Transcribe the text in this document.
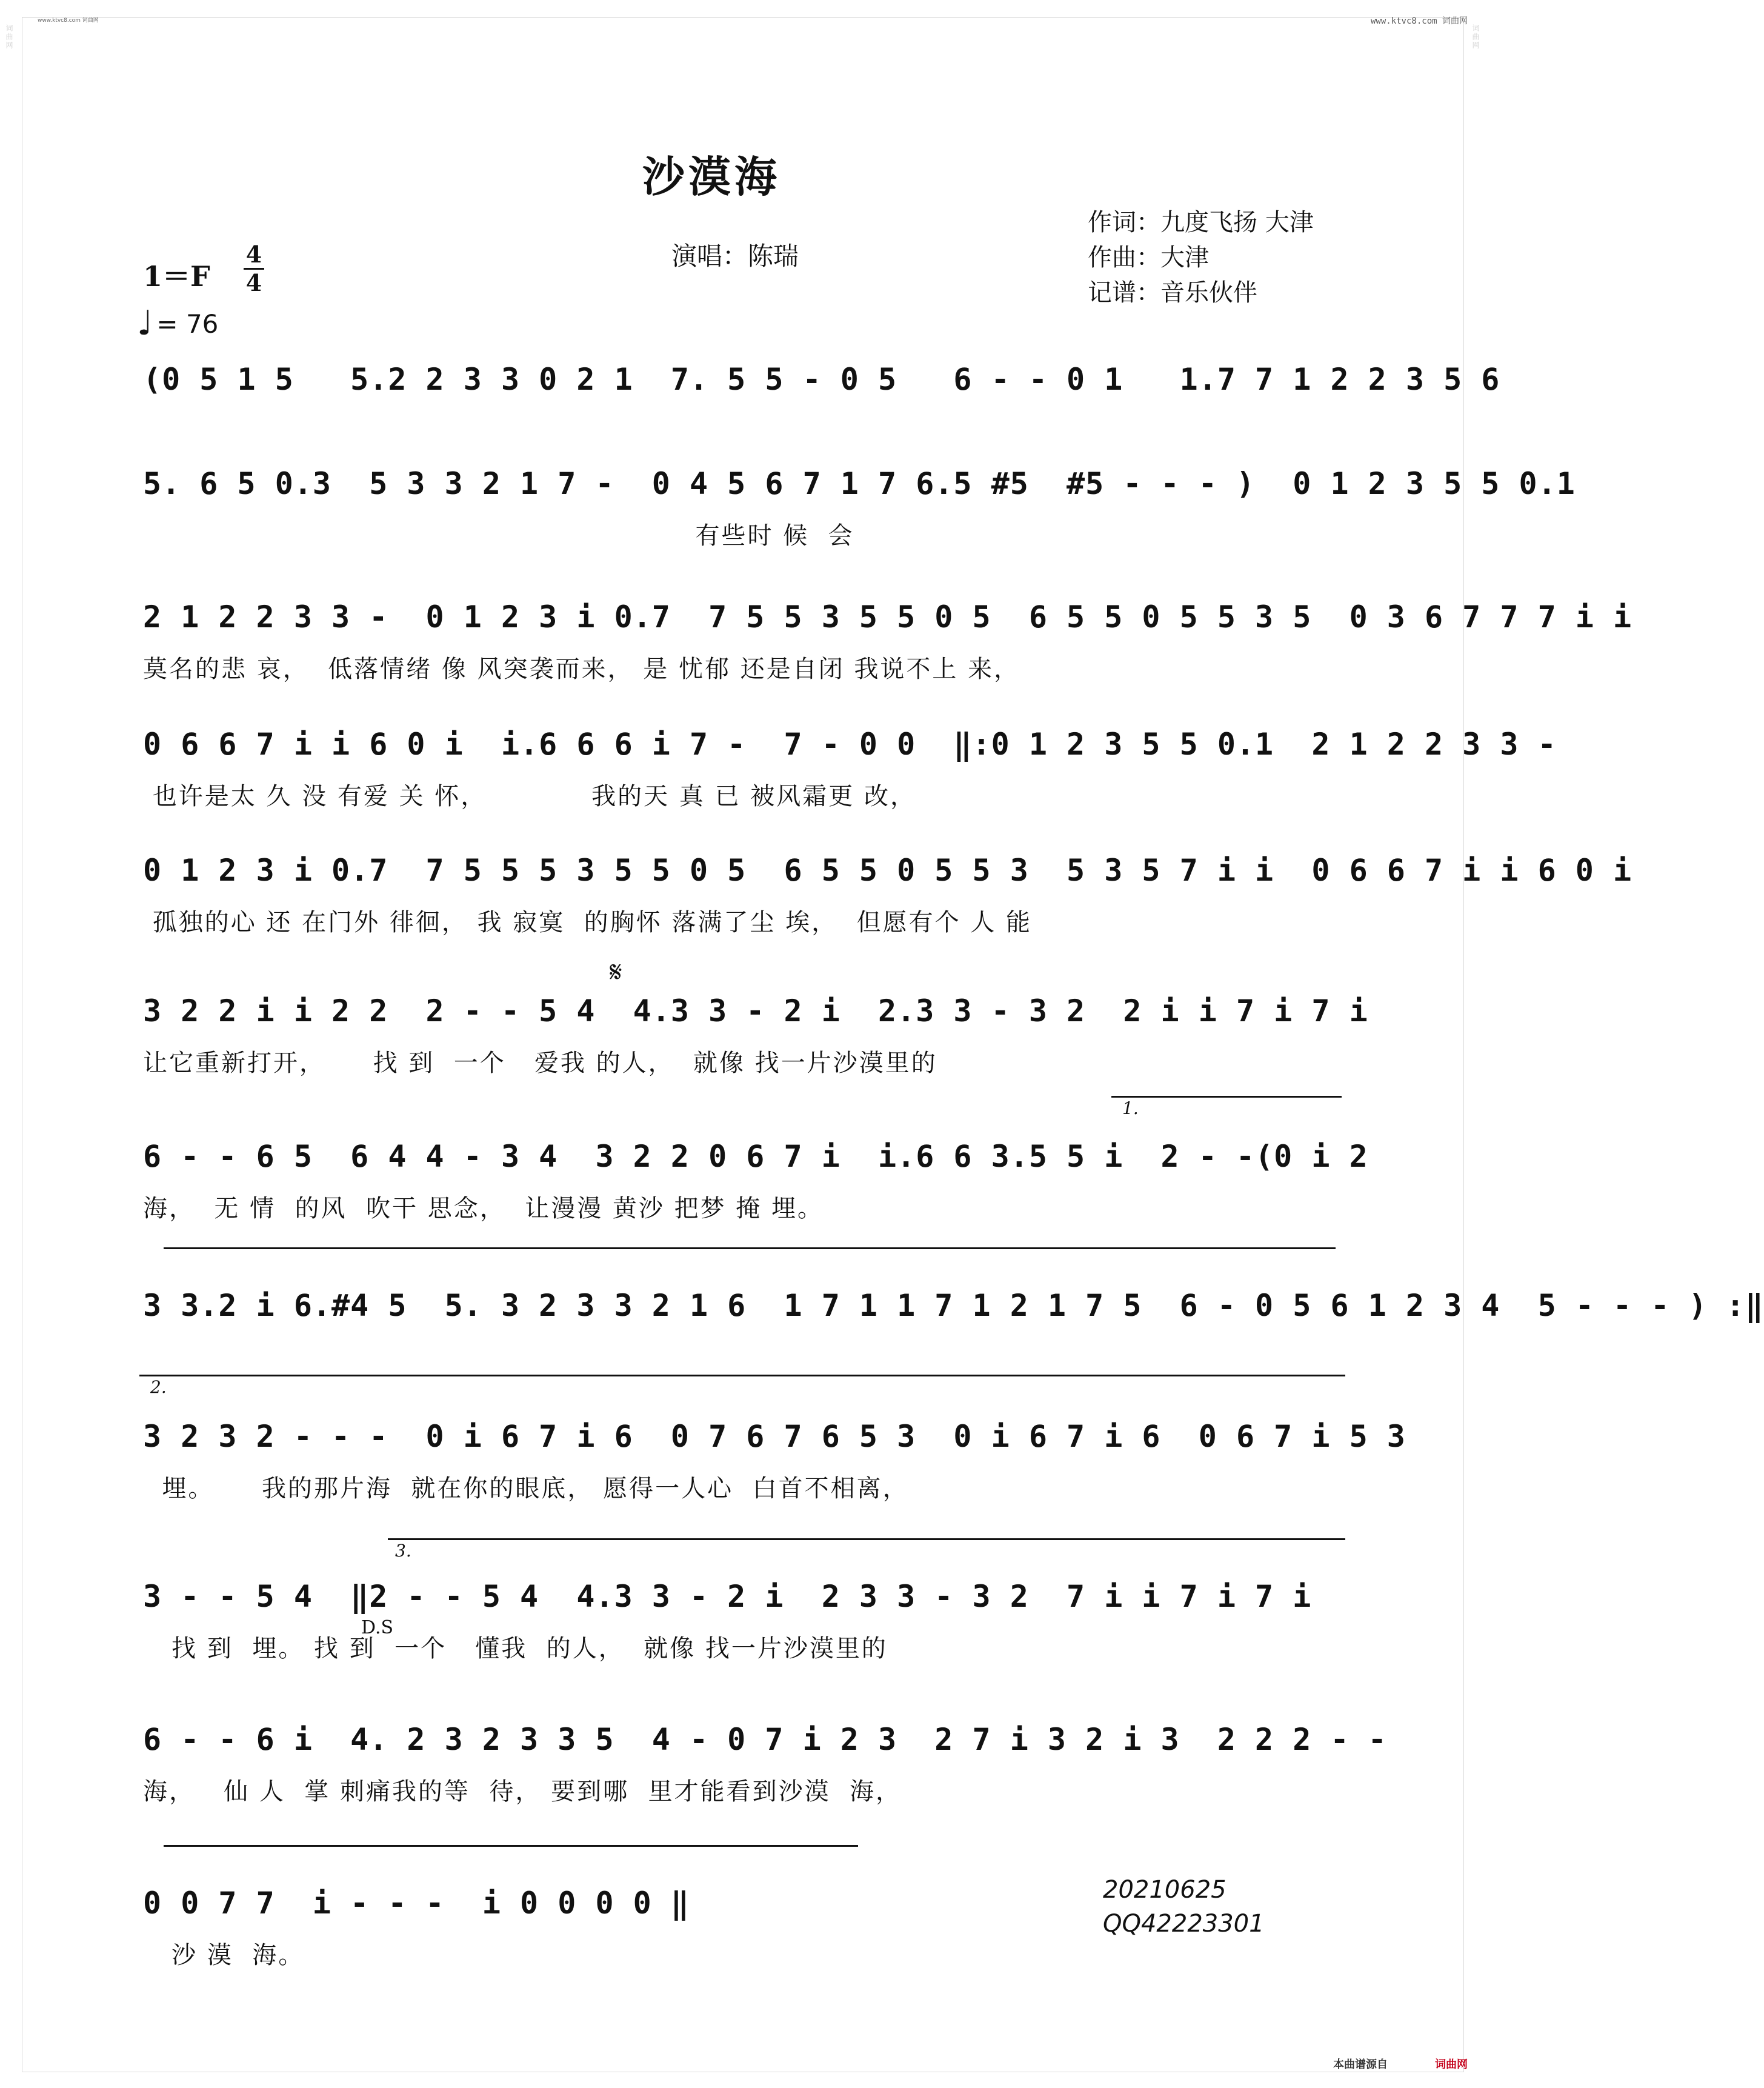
词曲网	词曲网
www.ktvc8.com 词曲网	www.ktvc8.com 词曲网
沙漠海
演唱：陈瑞
作词：九度飞扬 大津
作曲：大津
记谱：音乐伙伴
1＝F
4
4
♩ = 76
(0 5 1 5   5.2 2 3 3 0 2 1  7. 5 5 - 0 5   6 - - 0 1   1.7 7 1 2 2 3 5 6
5. 6 5 0.3  5 3 3 2 1 7 -  0 4 5 6 7 1 7 6.5 #5  #5 - - - )  0 1 2 3 5 5 0.1
有些时 候  会
2 1 2 2 3 3 -  0 1 2 3 i 0.7  7 5 5 3 5 5 0 5  6 5 5 0 5 5 3 5  0 3 6 7 7 7 i i
莫名的悲 哀，  低落情绪 像 风突袭而来， 是 忧郁 还是自闭 我说不上 来，
0 6 6 7 i i 6 0 i  i.6 6 6 i 7 -  7 - 0 0  ‖:0 1 2 3 5 5 0.1  2 1 2 2 3 3 -
也许是太 久 没 有爱 关 怀，           我的天 真 已 被风霜更 改，
0 1 2 3 i 0.7  7 5 5 5 3 5 5 0 5  6 5 5 0 5 5 3  5 3 5 7 i i  0 6 6 7 i i 6 0 i
孤独的心 还 在门外 徘徊， 我 寂寞  的胸怀 落满了尘 埃，  但愿有个 人 能
3 2 2 i i 2 2  2 - - 5 4  4.3 3 - 2 i  2.3 3 - 3 2  2 i i 7 i 7 i
让它重新打开，     找 到  一个   爱我 的人，  就像 找一片沙漠里的
6 - - 6 5  6 4 4 - 3 4  3 2 2 0 6 7 i  i.6 6 3.5 5 i  2 - -(0 i 2
海，  无 情  的风  吹干 思念，  让漫漫 黄沙 把梦 掩 埋。
3 3.2 i 6.#4 5  5. 3 2 3 3 2 1 6  1 7 1 1 7 1 2 1 7 5  6 - 0 5 6 1 2 3 4  5 - - - ) :‖
3 2 3 2 - - -  0 i 6 7 i 6  0 7 6 7 6 5 3  0 i 6 7 i 6  0 6 7 i 5 3
埋。     我的那片海  就在你的眼底， 愿得一人心  白首不相离，
3 - - 5 4  ‖2 - - 5 4  4.3 3 - 2 i  2 3 3 - 3 2  7 i i 7 i 7 i
找 到  埋。 找 到  一个   懂我  的人，  就像 找一片沙漠里的
6 - - 6 i  4. 2 3 2 3 3 5  4 - 0 7 i 2 3  2 7 i 3 2 i 3  2 2 2 - -
海，   仙 人  掌 刺痛我的等  待， 要到哪  里才能看到沙漠  海，
0 0 7 7  i - - -  i 0 0 0 0 ‖
沙 漠  海。
1.
2.
3.
𝄋
D.S
20210625
QQ42223301
本曲谱源自	词曲网
